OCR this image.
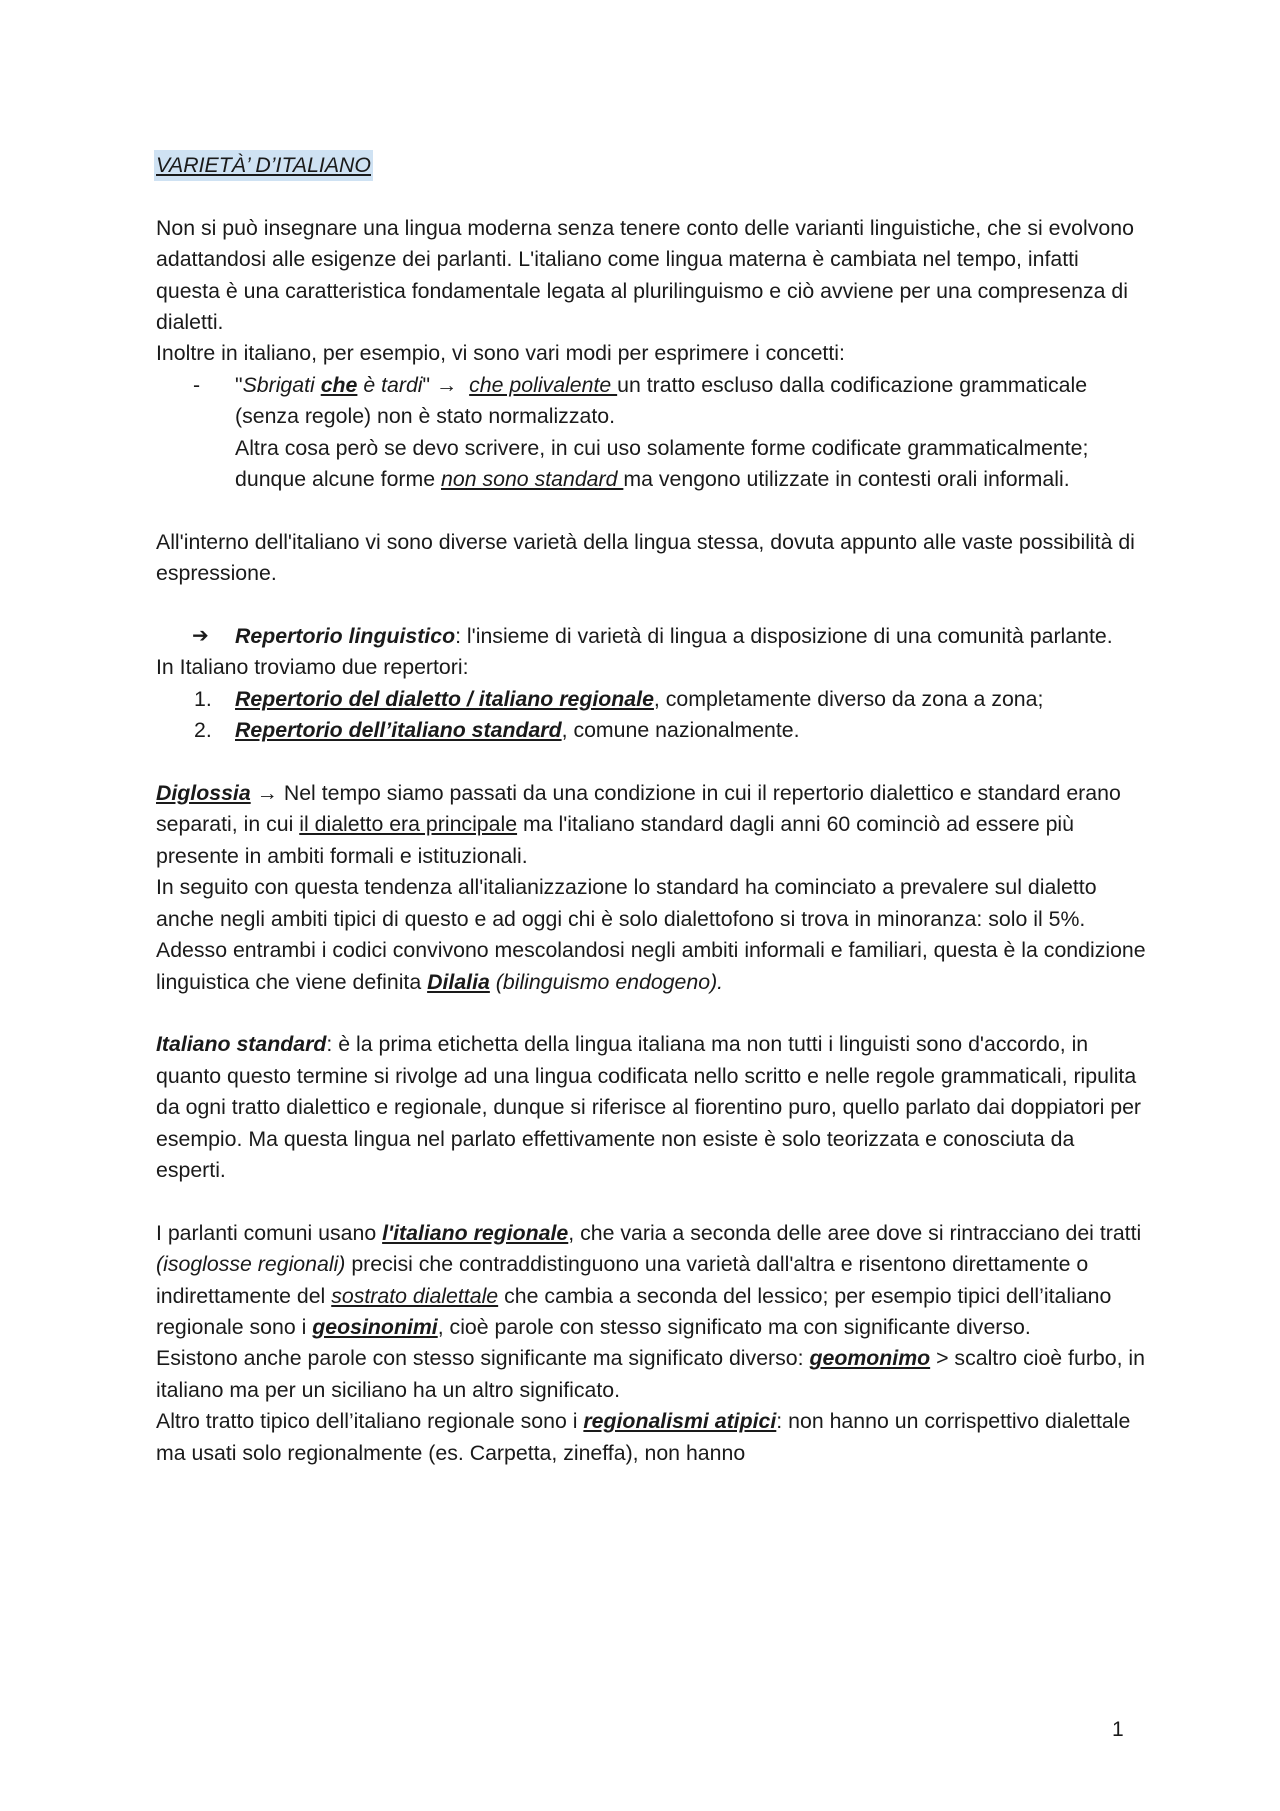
VARIETÀ’ D’ITALIANO

Non si può insegnare una lingua moderna senza tenere conto delle varianti linguistiche, che si evolvono adattandosi alle esigenze dei parlanti. L'italiano come lingua materna è cambiata nel tempo, infatti questa è una caratteristica fondamentale legata al plurilinguismo e ciò avviene per una compresenza di dialetti.

Inoltre in italiano, per esempio, vi sono vari modi per esprimere i concetti:

- "Sbrigati che è tardi" → che polivalente un tratto escluso dalla codificazione grammaticale (senza regole) non è stato normalizzato.

Altra cosa però se devo scrivere, in cui uso solamente forme codificate grammaticalmente; dunque alcune forme non sono standard ma vengono utilizzate in contesti orali informali.

All'interno dell'italiano vi sono diverse varietà della lingua stessa, dovuta appunto alle vaste possibilità di espressione.

➔ Repertorio linguistico: l'insieme di varietà di lingua a disposizione di una comunità parlante.

In Italiano troviamo due repertori:

1. Repertorio del dialetto / italiano regionale, completamente diverso da zona a zona;

2. Repertorio dell’italiano standard, comune nazionalmente.

Diglossia → Nel tempo siamo passati da una condizione in cui il repertorio dialettico e standard erano separati, in cui il dialetto era principale ma l'italiano standard dagli anni 60 cominciò ad essere più presente in ambiti formali e istituzionali.

In seguito con questa tendenza all'italianizzazione lo standard ha cominciato a prevalere sul dialetto anche negli ambiti tipici di questo e ad oggi chi è solo dialettofono si trova in minoranza: solo il 5%.

Adesso entrambi i codici convivono mescolandosi negli ambiti informali e familiari, questa è la condizione linguistica che viene definita Dilalia (bilinguismo endogeno).

Italiano standard: è la prima etichetta della lingua italiana ma non tutti i linguisti sono d'accordo, in quanto questo termine si rivolge ad una lingua codificata nello scritto e nelle regole grammaticali, ripulita da ogni tratto dialettico e regionale, dunque si riferisce al fiorentino puro, quello parlato dai doppiatori per esempio. Ma questa lingua nel parlato effettivamente non esiste è solo teorizzata e conosciuta da esperti.

I parlanti comuni usano l'italiano regionale, che varia a seconda delle aree dove si rintracciano dei tratti (isoglosse regionali) precisi che contraddistinguono una varietà dall'altra e risentono direttamente o indirettamente del sostrato dialettale che cambia a seconda del lessico; per esempio tipici dell’italiano regionale sono i geosinonimi, cioè parole con stesso significato ma con significante diverso.

Esistono anche parole con stesso significante ma significato diverso: geomonimo > scaltro cioè furbo, in italiano ma per un siciliano ha un altro significato.

Altro tratto tipico dell’italiano regionale sono i regionalismi atipici: non hanno un corrispettivo dialettale ma usati solo regionalmente (es. Carpetta, zineffa), non hanno

1
